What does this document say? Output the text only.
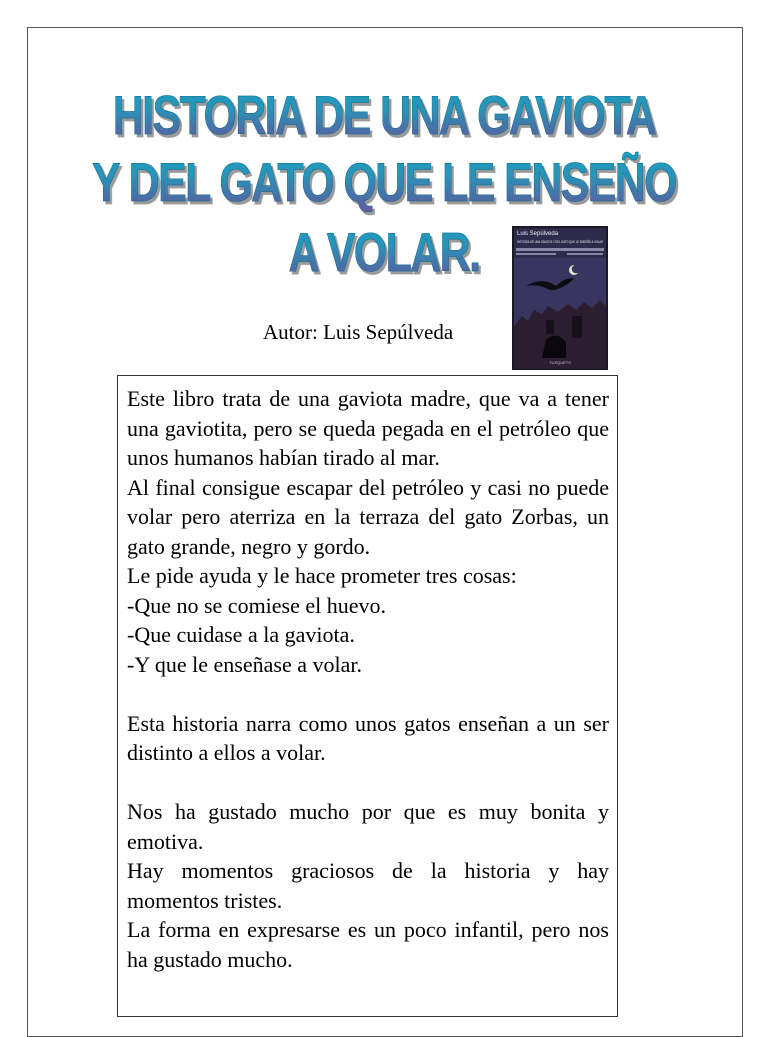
HISTORIA DE UNA GAVIOTA
Y DEL GATO QUE LE ENSEÑO
A VOLAR.
Autor: Luis Sepúlveda
Luis Sepúlveda
HISTORIA DE UNA GAVIOTA Y DEL GATO QUE LE ENSEÑÓ A VOLAR
TUSQUETS

Este libro trata de una gaviota madre, que va a tener una gaviotita, pero se queda pegada en el petróleo que unos humanos habían tirado al mar.

Al final consigue escapar del petróleo y casi no puede volar pero aterriza en la terraza del gato Zorbas, un gato grande, negro y gordo.

Le pide ayuda y le hace prometer tres cosas:

-Que no se comiese el huevo.

-Que cuidase a la gaviota.

-Y que le enseñase a volar.

Esta historia narra como unos gatos enseñan a un ser distinto a ellos a volar.

Nos ha gustado mucho por que es muy bonita y emotiva.

Hay momentos graciosos de la historia y hay momentos tristes.

La forma en expresarse es un poco infantil, pero nos ha gustado mucho.
